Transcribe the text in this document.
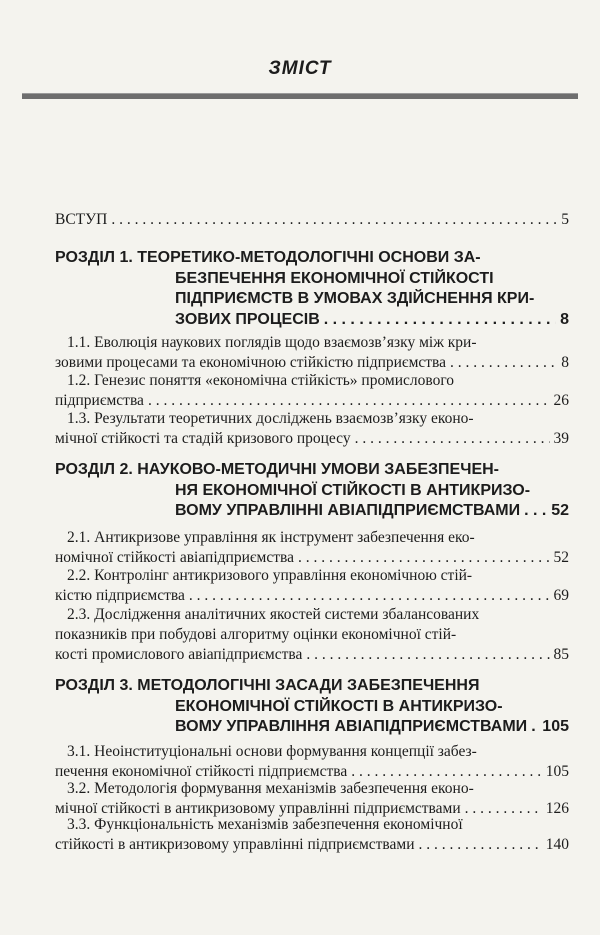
ЗМІСТ
ВСТУП . . .	5
РОЗДІЛ 1. ТЕОРЕТИКО-МЕТОДОЛОГІЧНІ ОСНОВИ ЗА-
БЕЗПЕЧЕННЯ ЕКОНОМІЧНОЇ СТІЙКОСТІ
ПІДПРИЄМСТВ В УМОВАХ ЗДІЙСНЕННЯ КРИ-
ЗОВИХ ПРОЦЕСІВ . . .	8
1.1. Еволюція наукових поглядів щодо взаємозв’язку між кри-
зовими процесами та економічною стійкістю підприємства . . .	8
1.2. Генезис поняття «економічна стійкість» промислового
підприємства . . .	26
1.3. Результати теоретичних досліджень взаємозв’язку еконо-
мічної стійкості та стадій кризового процесу . . .	39
РОЗДІЛ 2. НАУКОВО-МЕТОДИЧНІ УМОВИ ЗАБЕЗПЕЧЕН-
НЯ ЕКОНОМІЧНОЇ СТІЙКОСТІ В АНТИКРИЗО-
ВОМУ УПРАВЛІННІ АВІАПІДПРИЄМСТВАМИ . . . 52
2.1. Антикризове управління як інструмент забезпечення еко-
номічної стійкості авіапідприємства . . .	52
2.2. Контролінг антикризового управління економічною стій-
кістю підприємства . . .	69
2.3. Дослідження аналітичних якостей системи збалансованих
показників при побудові алгоритму оцінки економічної стій-
кості промислового авіапідприємства . . .	85
РОЗДІЛ 3. МЕТОДОЛОГІЧНІ ЗАСАДИ ЗАБЕЗПЕЧЕННЯ
ЕКОНОМІЧНОЇ СТІЙКОСТІ В АНТИКРИЗО-
ВОМУ УПРАВЛІННЯ АВІАПІДПРИЄМСТВАМИ . . . 105
3.1. Неоінституціональні основи формування концепції забез-
печення економічної стійкості підприємства . . .	105
3.2. Методологія формування механізмів забезпечення еконо-
мічної стійкості в антикризовому управлінні підприємствами . . .	126
3.3. Функціональність механізмів забезпечення економічної
стійкості в антикризовому управлінні підприємствами . . .	140
